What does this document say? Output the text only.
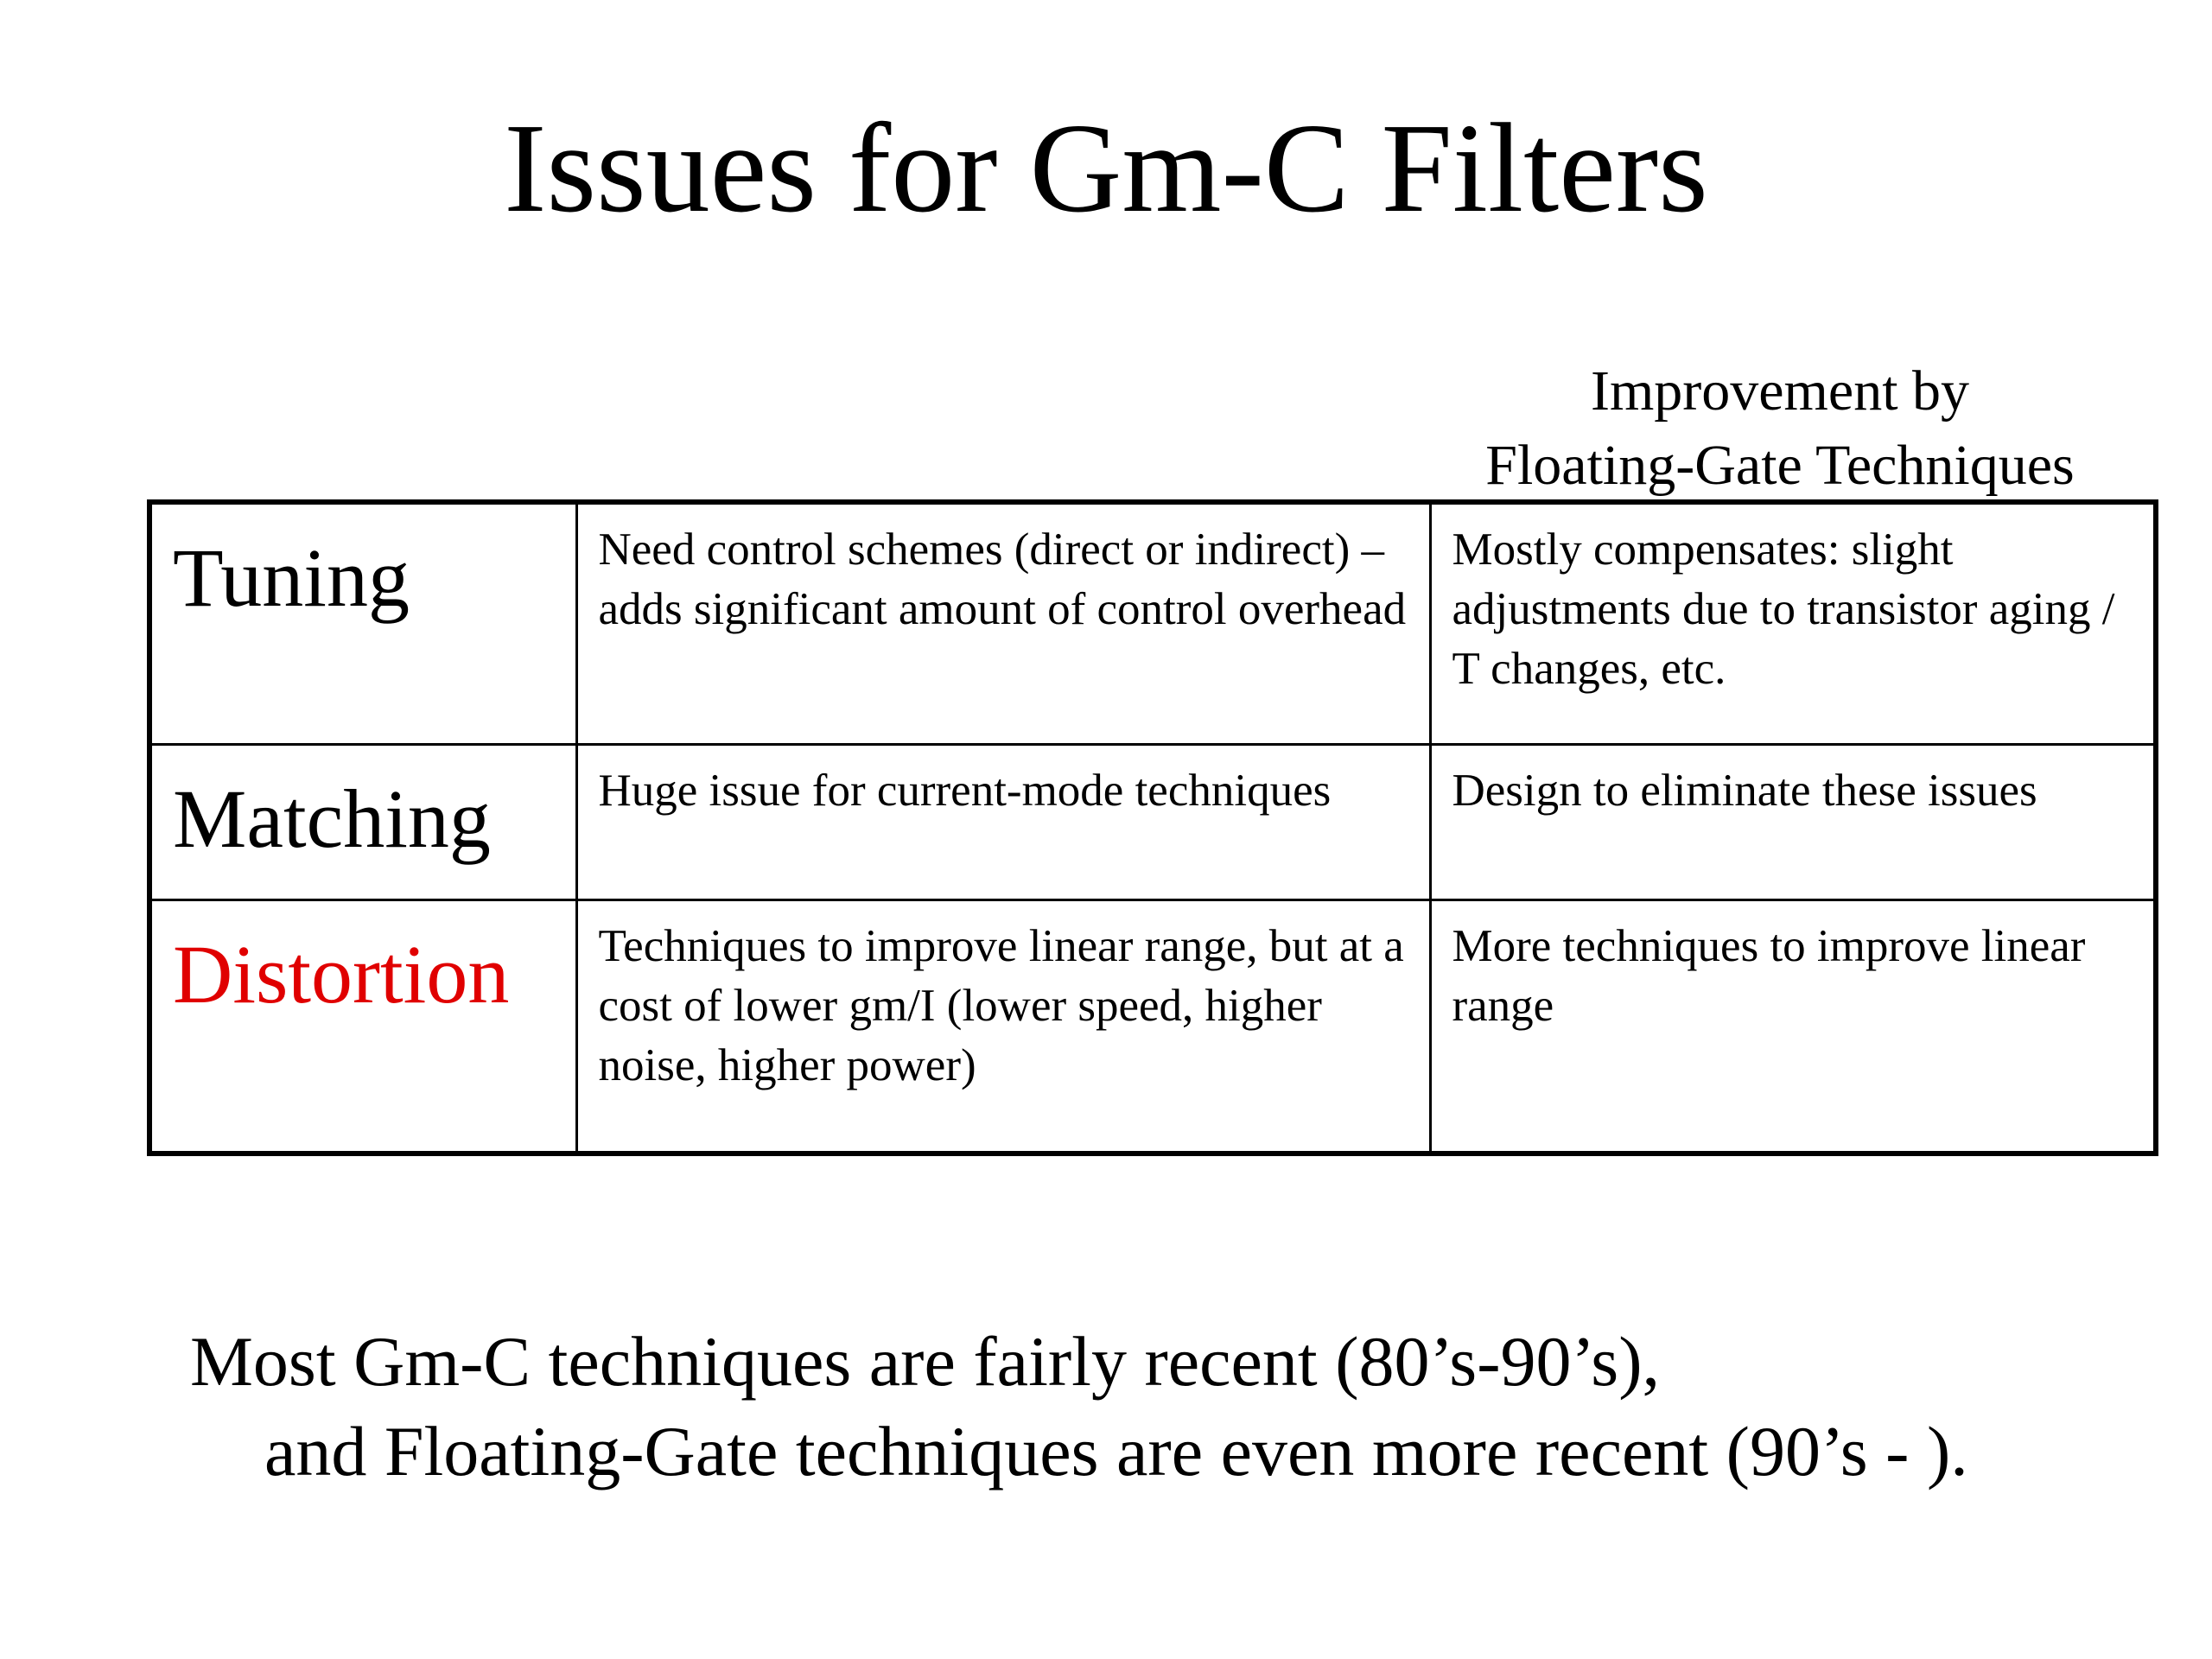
Issues for Gm-C Filters
Improvement by
Floating-Gate Techniques
Tuning	Need control schemes (direct or indirect) – adds significant amount of control overhead	Mostly compensates: slight adjustments due to transistor aging / T changes, etc.

Matching	Huge issue for current-mode techniques	Design to eliminate these issues

Distortion	Techniques to improve linear range, but at a cost of lower gm/I (lower speed, higher noise, higher power)	More techniques to improve linear range
Most Gm-C techniques are fairly recent (80’s-90’s),
and Floating-Gate techniques are even more recent (90’s - ).
